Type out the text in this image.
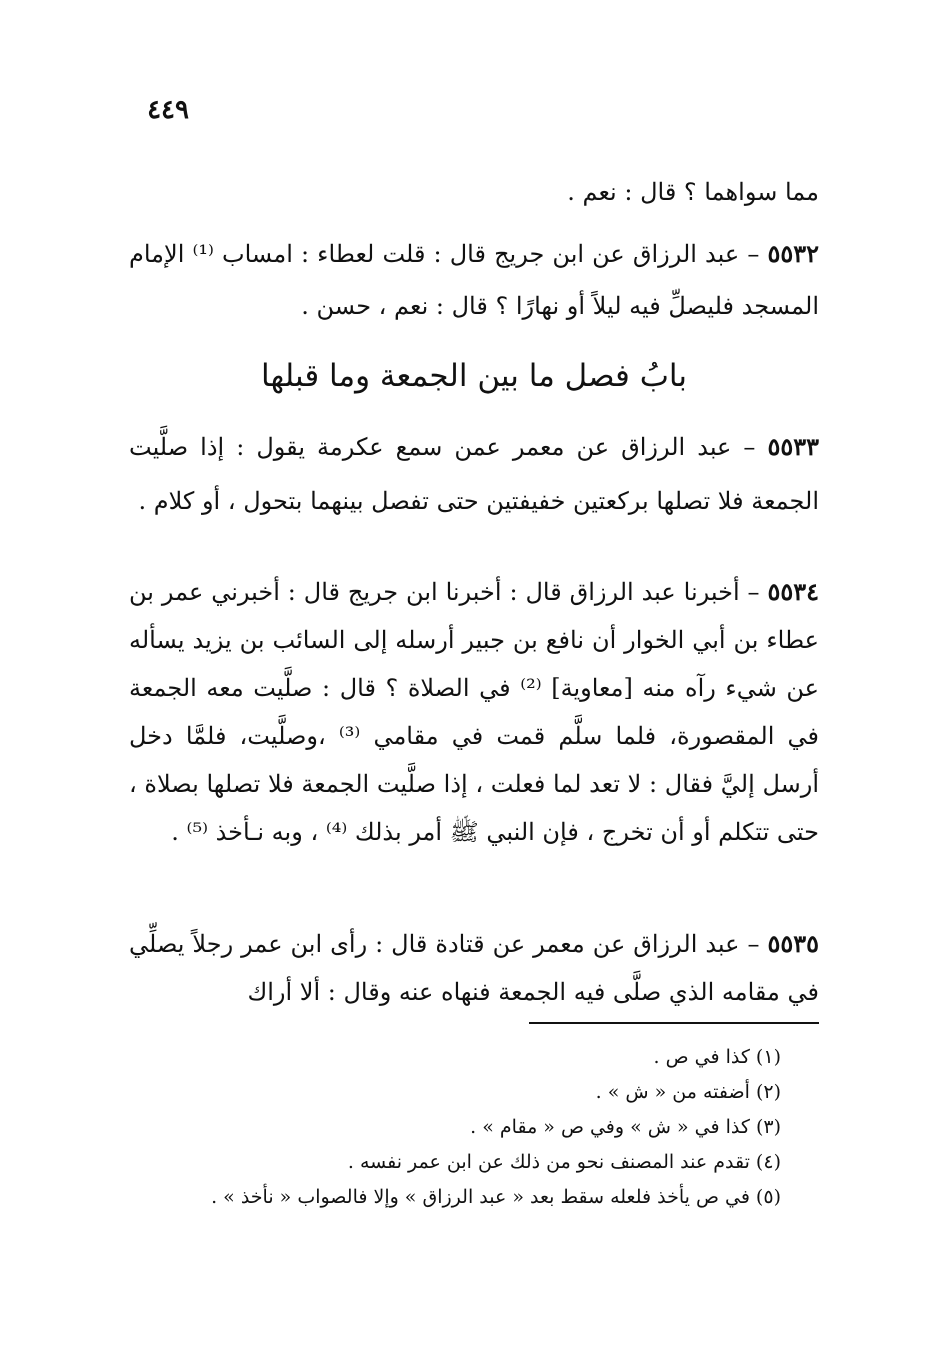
٤٤٩

مما سواهما ؟ قال : نعم .

٥٥٣٢ – عبد الرزاق عن ابن جريج قال : قلت لعطاء : امساب ⁽¹⁾ الإمام المسجد فليصلِّ فيه ليلاً أو نهارًا ؟ قال : نعم ، حسن .

بابُ فصل ما بين الجمعة وما قبلها

٥٥٣٣ – عبد الرزاق عن معمر عمن سمع عكرمة يقول : إذا صلَّيت الجمعة فلا تصلها بركعتين خفيفتين حتى تفصل بينهما بتحول ، أو كلام .

٥٥٣٤ – أخبرنا عبد الرزاق قال : أخبرنا ابن جريج قال : أخبرني عمر بن عطاء بن أبي الخوار أن نافع بن جبير أرسله إلى السائب بن يزيد يسأله عن شيء رآه منه [معاوية] ⁽²⁾ في الصلاة ؟ قال : صلَّيت معه الجمعة في المقصورة، فلما سلَّم قمت في مقامي ⁽³⁾ ،وصلَّيت، فلمَّا دخل أرسل إليَّ فقال : لا تعد لما فعلت ، إذا صلَّيت الجمعة فلا تصلها بصلاة ، حتى تتكلم أو أن تخرج ، فإن النبي ﷺ أمر بذلك ⁽⁴⁾ ، وبه نـأخذ ⁽⁵⁾ .

٥٥٣٥ – عبد الرزاق عن معمر عن قتادة قال : رأى ابن عمر رجلاً يصلِّي في مقامه الذي صلَّى فيه الجمعة فنهاه عنه وقال : ألا أراك

(١) كذا في ص .
(٢) أضفته من « ش » .
(٣) كذا في « ش » وفي ص « مقام » .
(٤) تقدم عند المصنف نحو من ذلك عن ابن عمر نفسه .
(٥) في ص يأخذ فلعله سقط بعد « عبد الرزاق » وإلا فالصواب « نأخذ » .
